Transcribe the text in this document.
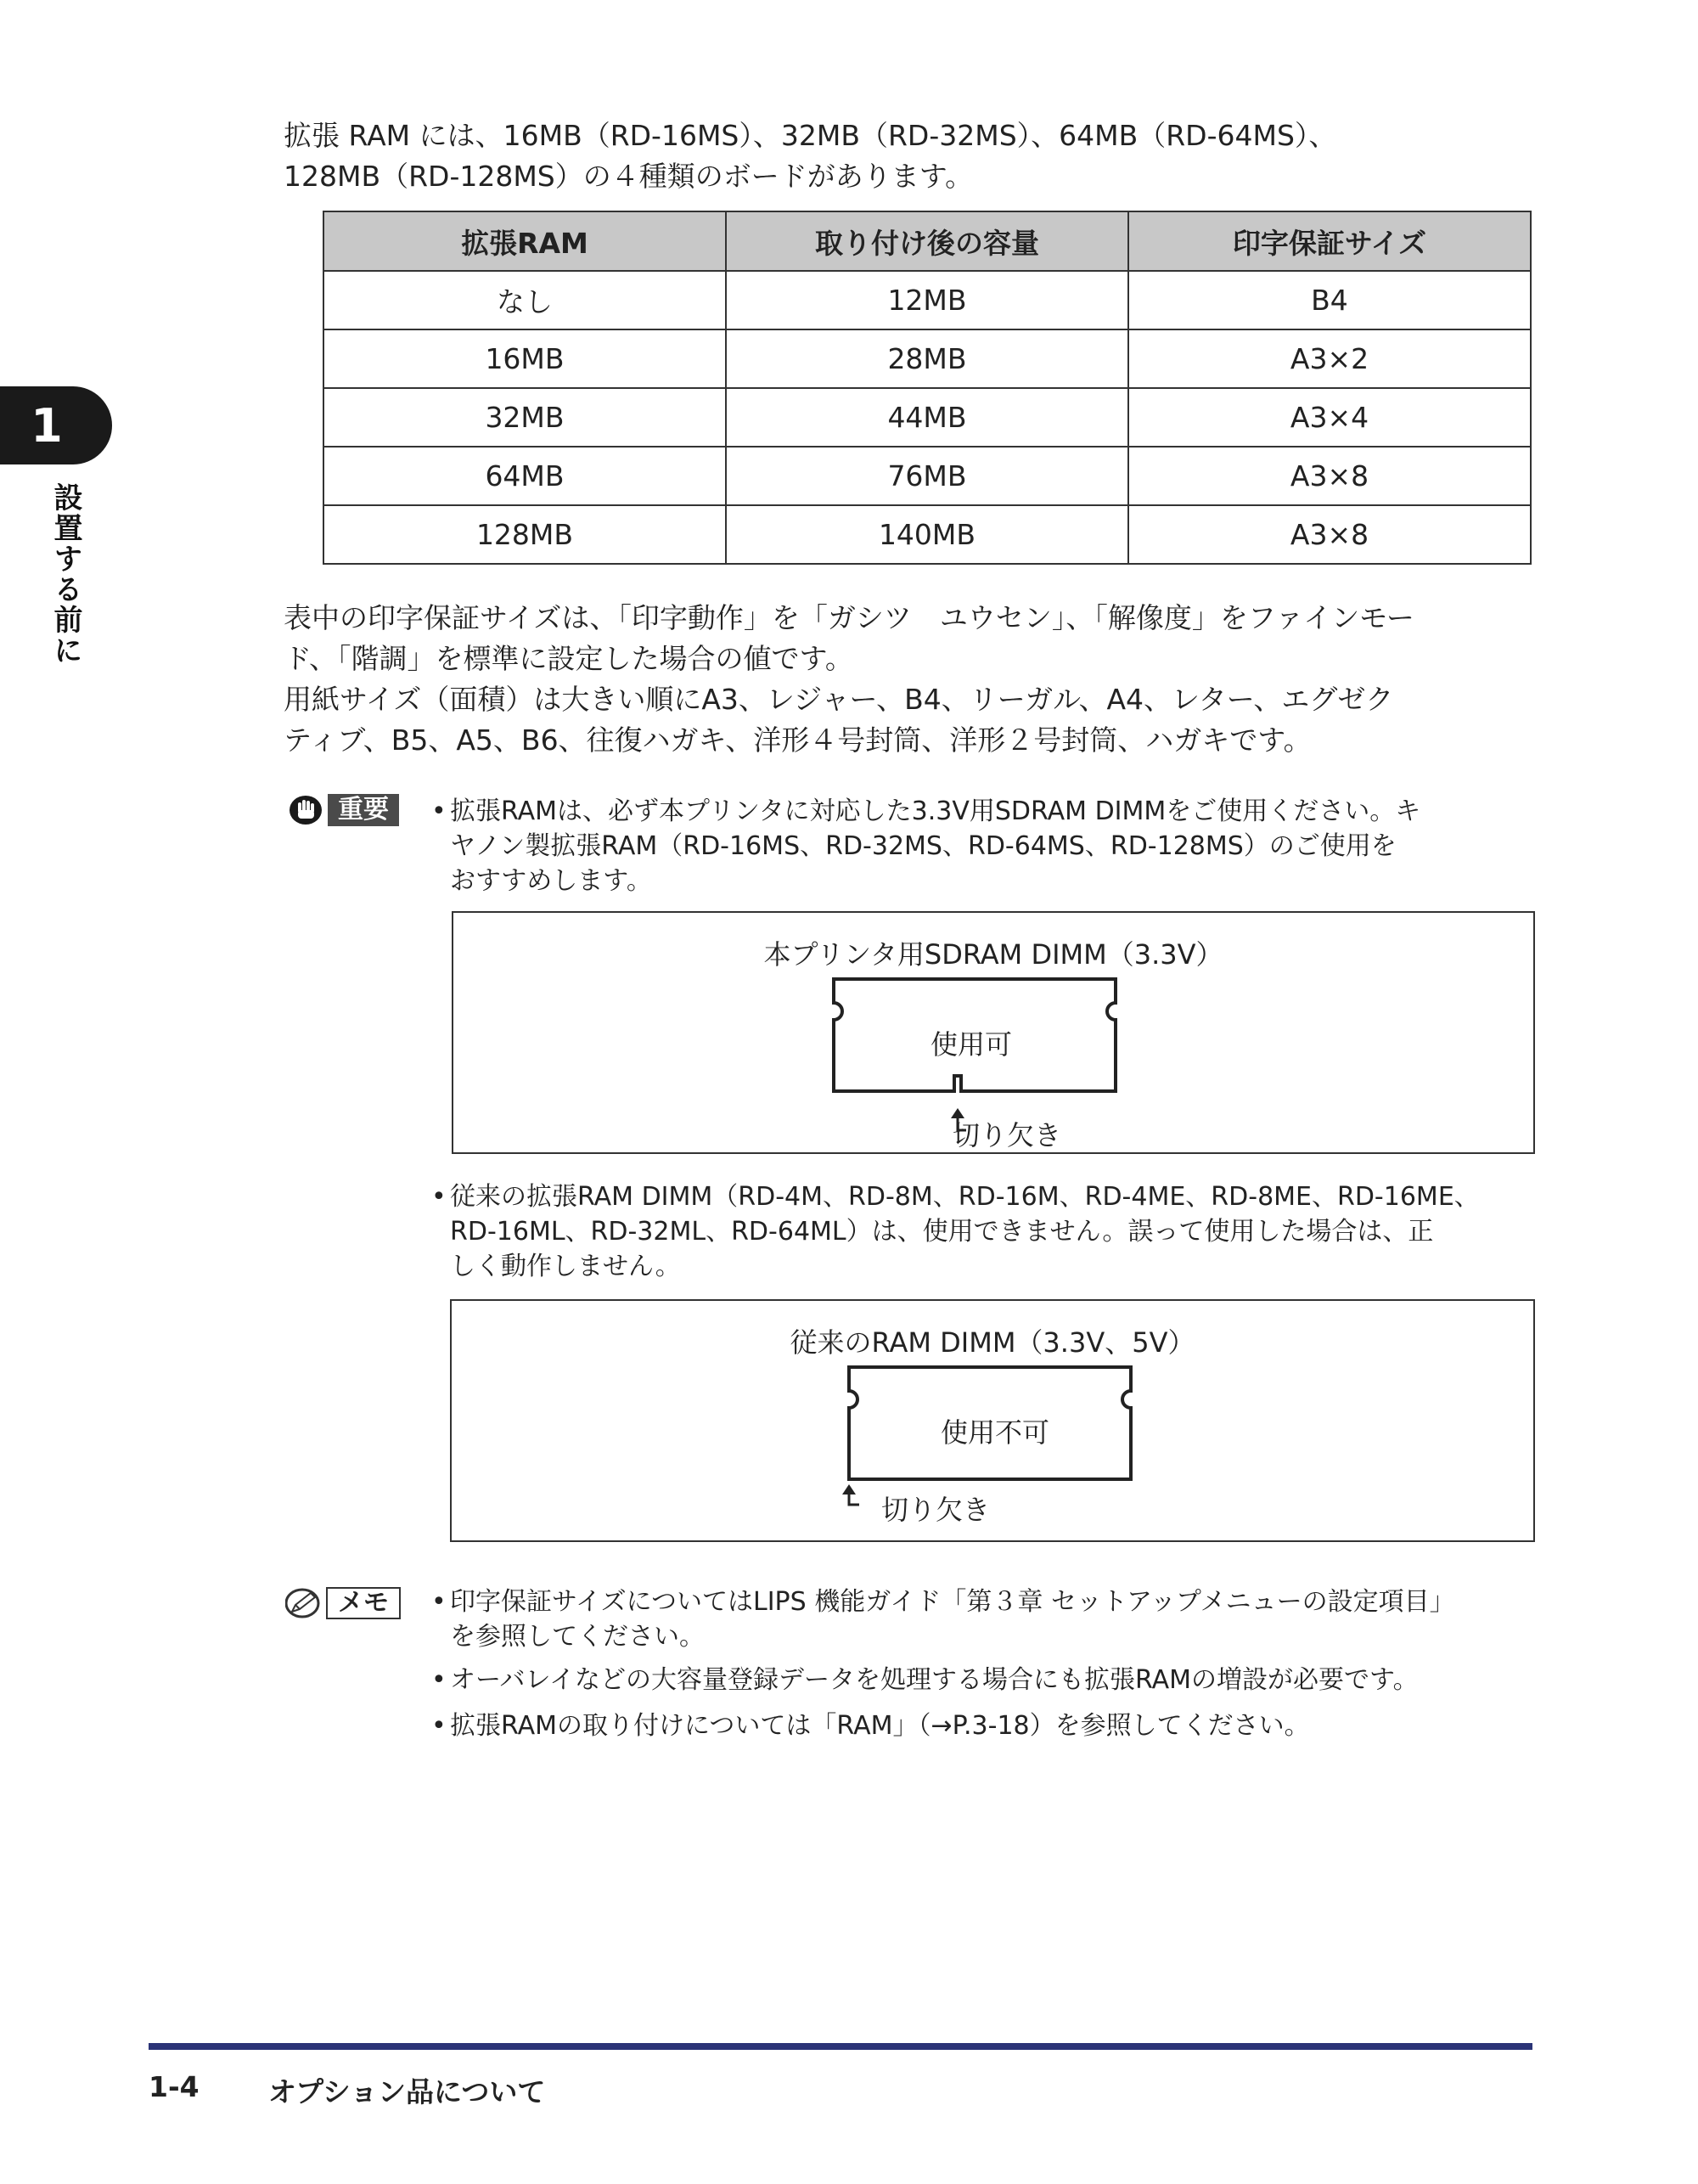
1
設置する前に

拡張 RAM には、16MB（RD-16MS）、32MB（RD-32MS）、64MB（RD-64MS）、

128MB（RD-128MS）の４種類のボードがあります。

拡張RAM	取り付け後の容量	印字保証サイズ
なし	12MB	B4
16MB	28MB	A3×2
32MB	44MB	A3×4
64MB	76MB	A3×8
128MB	140MB	A3×8

表中の印字保証サイズは、「印字動作」を「ガシツ　ユウセン」、「解像度」をファインモー

ド、「階調」を標準に設定した場合の値です。

用紙サイズ（面積）は大きい順にA3、レジャー、B4、リーガル、A4、レター、エグゼク

ティブ、B5、A5、B6、往復ハガキ、洋形４号封筒、洋形２号封筒、ハガキです。

重要	• 拡張RAMは、必ず本プリンタに対応した3.3V用SDRAM DIMMをご使用ください。キ

ヤノン製拡張RAM（RD-16MS、RD-32MS、RD-64MS、RD-128MS）のご使用を

おすすめします。

本プリンタ用SDRAM DIMM（3.3V）
使用可
切り欠き

• 従来の拡張RAM DIMM（RD-4M、RD-8M、RD-16M、RD-4ME、RD-8ME、RD-16ME、

RD-16ML、RD-32ML、RD-64ML）は、使用できません。誤って使用した場合は、正

しく動作しません。

従来のRAM DIMM（3.3V、5V）
使用不可
切り欠き
メモ	• 印字保証サイズについてはLIPS 機能ガイド「第３章 セットアップメニューの設定項目」

を参照してください。

• オーバレイなどの大容量登録データを処理する場合にも拡張RAMの増設が必要です。

• 拡張RAMの取り付けについては「RAM」（→P.3-18）を参照してください。

1-4 オプション品について
